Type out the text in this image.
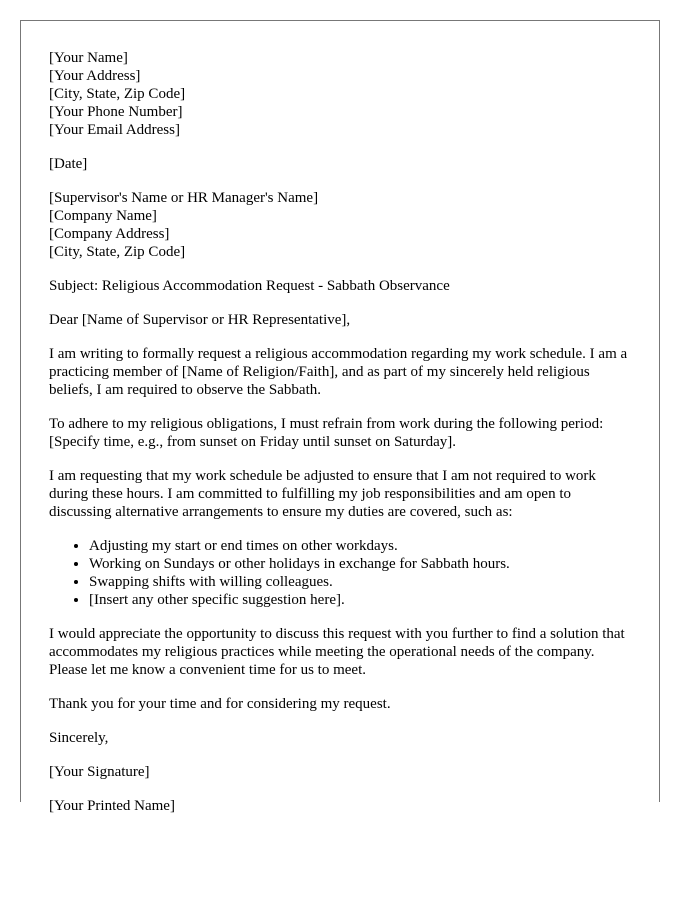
[Your Name]
[Your Address]
[City, State, Zip Code]
[Your Phone Number]
[Your Email Address]

[Date]

[Supervisor's Name or HR Manager's Name]
[Company Name]
[Company Address]
[City, State, Zip Code]

Subject: Religious Accommodation Request - Sabbath Observance

Dear [Name of Supervisor or HR Representative],

I am writing to formally request a religious accommodation regarding my work schedule. I am a practicing member of [Name of Religion/Faith], and as part of my sincerely held religious beliefs, I am required to observe the Sabbath.

To adhere to my religious obligations, I must refrain from work during the following period: [Specify time, e.g., from sunset on Friday until sunset on Saturday].

I am requesting that my work schedule be adjusted to ensure that I am not required to work during these hours. I am committed to fulfilling my job responsibilities and am open to discussing alternative arrangements to ensure my duties are covered, such as:

• Adjusting my start or end times on other workdays.
• Working on Sundays or other holidays in exchange for Sabbath hours.
• Swapping shifts with willing colleagues.
• [Insert any other specific suggestion here].

I would appreciate the opportunity to discuss this request with you further to find a solution that accommodates my religious practices while meeting the operational needs of the company. Please let me know a convenient time for us to meet.

Thank you for your time and for considering my request.

Sincerely,

[Your Signature]

[Your Printed Name]
